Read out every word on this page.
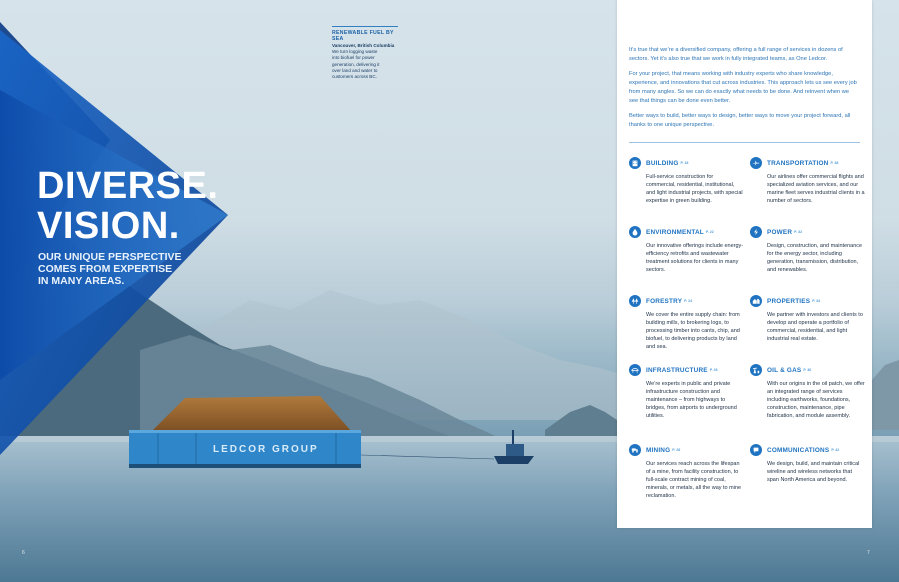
LEDCOR GROUP
DIVERSE.
VISION.
OUR UNIQUE PERSPECTIVE
COMES FROM EXPERTISE
IN MANY AREAS.
RENEWABLE FUEL BY SEA
Vancouver, British Columbia
We turn logging waste
into biofuel for power
generation, delivering it
over land and water to
customers across BC.

It’s true that we’re a diversified company, offering a full range of services in dozens of sectors. Yet it’s also true that we work in fully integrated teams, as One Ledcor.

For your project, that means working with industry experts who share knowledge, experience, and innovations that cut across industries. This approach lets us see every job from many angles. So we can do exactly what needs to be done. And reinvent when we see that things can be done even better.

Better ways to build, better ways to design, better ways to move your project forward, all thanks to one unique perspective.

BUILDING P. 18
Full-service construction for commercial, residential, institutional, and light industrial projects, with special expertise in green building.
TRANSPORTATION P. 38
Our airlines offer commercial flights and specialized aviation services, and our marine fleet serves industrial clients in a number of sectors.
ENVIRONMENTAL P. 22
Our innovative offerings include energy-efficiency retrofits and wastewater treatment solutions for clients in many sectors.
POWER P. 32
Design, construction, and maintenance for the energy sector, including generation, transmission, distribution, and renewables.
FORESTRY P. 24
We cover the entire supply chain: from building mills, to brokering logs, to processing timber into cants, chip, and biofuel, to delivering products by land and sea.
PROPERTIES P. 34
We partner with investors and clients to develop and operate a portfolio of commercial, residential, and light industrial real estate.
INFRASTRUCTURE P. 26
We’re experts in public and private infrastructure construction and maintenance – from highways to bridges, from airports to underground utilities.
OIL & GAS P. 36
With our origins in the oil patch, we offer an integrated range of services including earthworks, foundations, construction, maintenance, pipe fabrication, and module assembly.
MINING P. 28
Our services reach across the lifespan of a mine, from facility construction, to full-scale contract mining of coal, minerals, or metals, all the way to mine reclamation.
COMMUNICATIONS P. 42
We design, build, and maintain critical wireline and wireless networks that span North America and beyond.
6	7
